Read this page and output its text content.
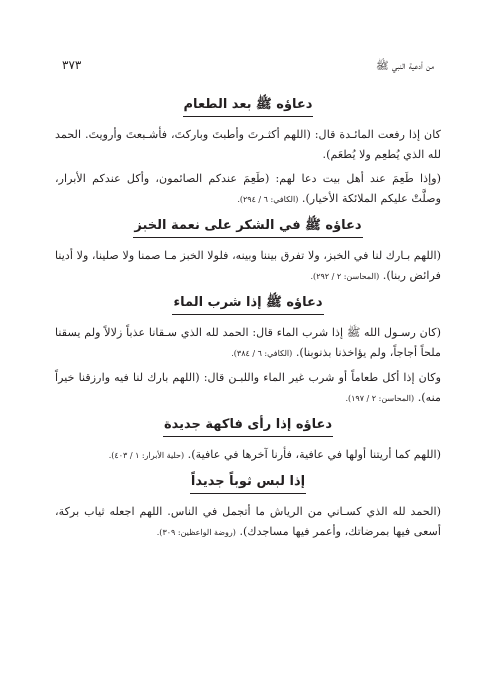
من أدعية النبي ﷺ
٣٧٣
دعاؤه ﷺ بعد الطعام

كان إذا رفعت المائـدة قال: (اللهم أكثـرتَ وأطبتَ وباركتَ، فأشـبعتَ وأرويتَ. الحمد لله الذي يُطعِم ولا يُطعَم).

(وإذا طَعِمَ عند أهل بيت دعا لهم: (طَعِمَ عندكم الصائمون، وأكل عندكم الأبرار، وصلَّتْ عليكم الملائكة الأخيار). (الكافي: ٦ / ٢٩٤).

دعاؤه ﷺ في الشكر على نعمة الخبز

(اللهم بـارك لنا في الخبز، ولا تفرق بيننا وبينه، فلولا الخبز مـا صمنا ولا صلينا، ولا أدينا فرائض ربنا). (المحاسن: ٢ / ٢٩٢).

دعاؤه ﷺ إذا شرب الماء

(كان رسـول الله ﷺ إذا شرب الماء قال: الحمد لله الذي سـقانا عذباً زلالاً ولم يسقنا ملحاً أجاجاً، ولم يؤاخذنا بذنوبنا). (الكافي: ٦ / ٣٨٤).

وكان إذا أكل طعاماً أو شرب غير الماء واللبـن قال: (اللهم بارك لنا فيه وارزقنا خيراً منه). (المحاسن: ٢ / ١٩٧).

دعاؤه إذا رأى فاكهة جديدة

(اللهم كما أريتنا أولها في عافية، فأرنا آخرها في عافية). (حلية الأبرار: ١ / ٤٠٣).

إذا لبس ثوباً جديداً

(الحمد لله الذي كسـاني من الرياش ما أتجمل في الناس. اللهم اجعله ثياب بركة، أسعى فيها بمرضاتك، وأعمر فيها مساجدك). (روضة الواعظين: ٣٠٩).
